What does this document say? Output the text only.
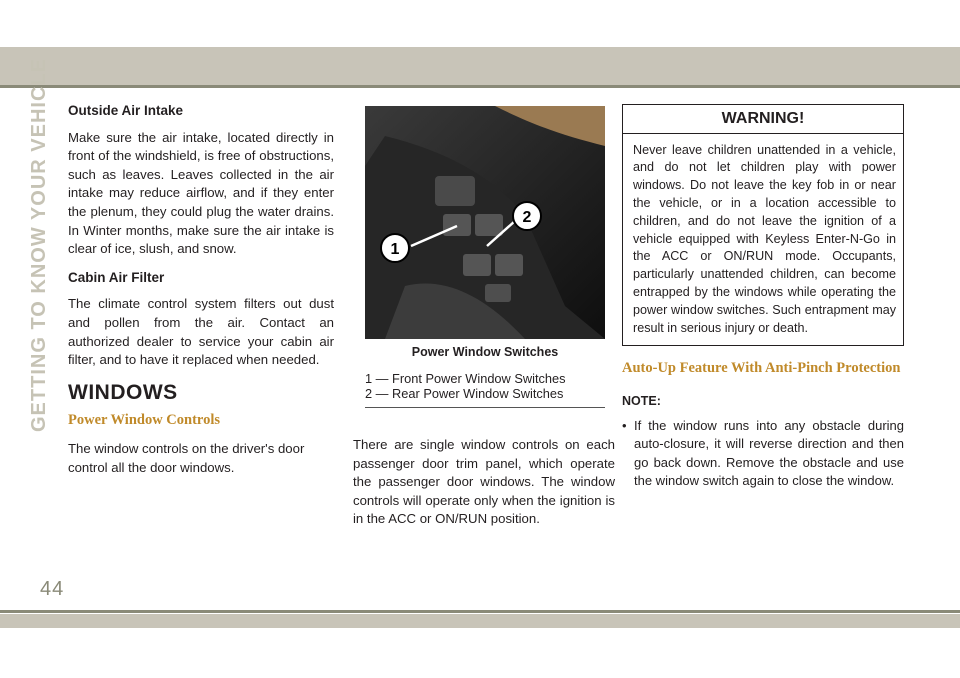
GETTING TO KNOW YOUR VEHICLE Outside Air Intake

Make sure the air intake, located directly in front of the windshield, is free of obstructions, such as leaves. Leaves collected in the air intake may reduce airflow, and if they enter the plenum, they could plug the water drains. In Winter months, make sure the air intake is clear of ice, slush, and snow.

Cabin Air Filter

The climate control system filters out dust and pollen from the air. Contact an authorized dealer to service your cabin air filter, and to have it replaced when needed.

WINDOWS
Power Window Controls

The window controls on the driver's door control all the door windows.

1
2
Power Window Switches
1 — Front Power Window Switches
2 — Rear Power Window Switches
There are single window controls on each passenger door trim panel, which operate the passenger door windows. The window controls will operate only when the ignition is in the ACC or ON/RUN position.
WARNING!
Never leave children unattended in a vehicle, and do not let children play with power windows. Do not leave the key fob in or near the vehicle, or in a location accessible to children, and do not leave the ignition of a vehicle equipped with Keyless Enter-N-Go in the ACC or ON/RUN mode. Occupants, particularly unattended children, can become entrapped by the windows while operating the power window switches. Such entrapment may result in serious injury or death.
Auto-Up Feature With Anti-Pinch Protection
NOTE:
• If the window runs into any obstacle during auto-closure, it will reverse direction and then go back down. Remove the obstacle and use the window switch again to close the window.
44
